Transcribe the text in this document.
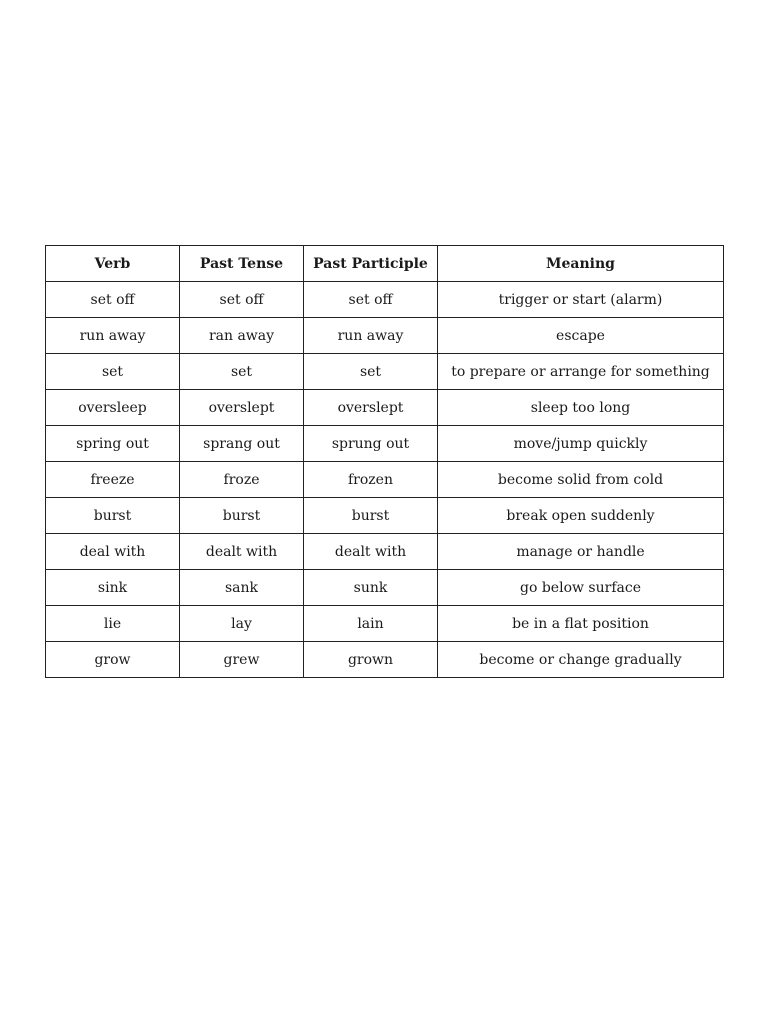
Verb	Past Tense	Past Participle	Meaning
set off	set off	set off	trigger or start (alarm)
run away	ran away	run away	escape
set	set	set	to prepare or arrange for something
oversleep	overslept	overslept	sleep too long
spring out	sprang out	sprung out	move/jump quickly
freeze	froze	frozen	become solid from cold
burst	burst	burst	break open suddenly
deal with	dealt with	dealt with	manage or handle
sink	sank	sunk	go below surface
lie	lay	lain	be in a flat position
grow	grew	grown	become or change gradually
